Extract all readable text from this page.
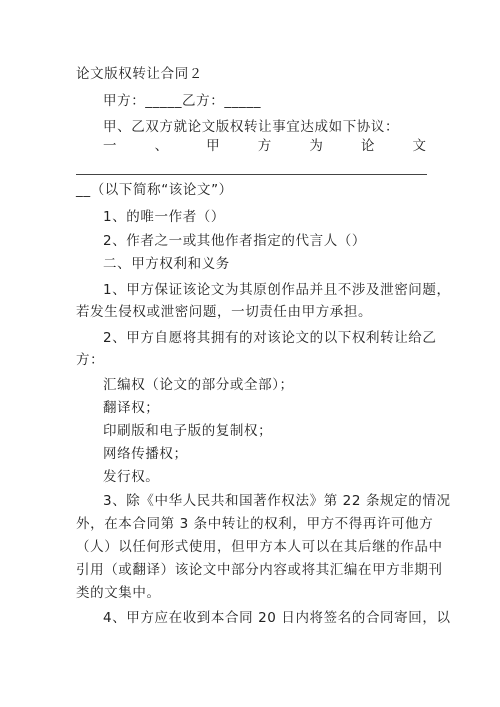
论文版权转让合同２
甲方：_____乙方：_____
甲、乙双方就论文版权转让事宜达成如下协议：
一	、	甲	方	为	论	文
__（以下简称“该论文”）
1、的唯一作者（）
2、作者之一或其他作者指定的代言人（）
二、甲方权利和义务
1、甲方保证该论文为其原创作品并且不涉及泄密问题，
若发生侵权或泄密问题，一切责任由甲方承担。
2、甲方自愿将其拥有的对该论文的以下权利转让给乙
方：
汇编权（论文的部分或全部）；
翻译权；
印刷版和电子版的复制权；
网络传播权；
发行权。
3、除《中华人民共和国著作权法》第 22 条规定的情况
外，在本合同第 3 条中转让的权利，甲方不得再许可他方
（人）以任何形式使用，但甲方本人可以在其后继的作品中
引用（或翻译）该论文中部分内容或将其汇编在甲方非期刊
类的文集中。
4、甲方应在收到本合同 20 日内将签名的合同寄回，以
